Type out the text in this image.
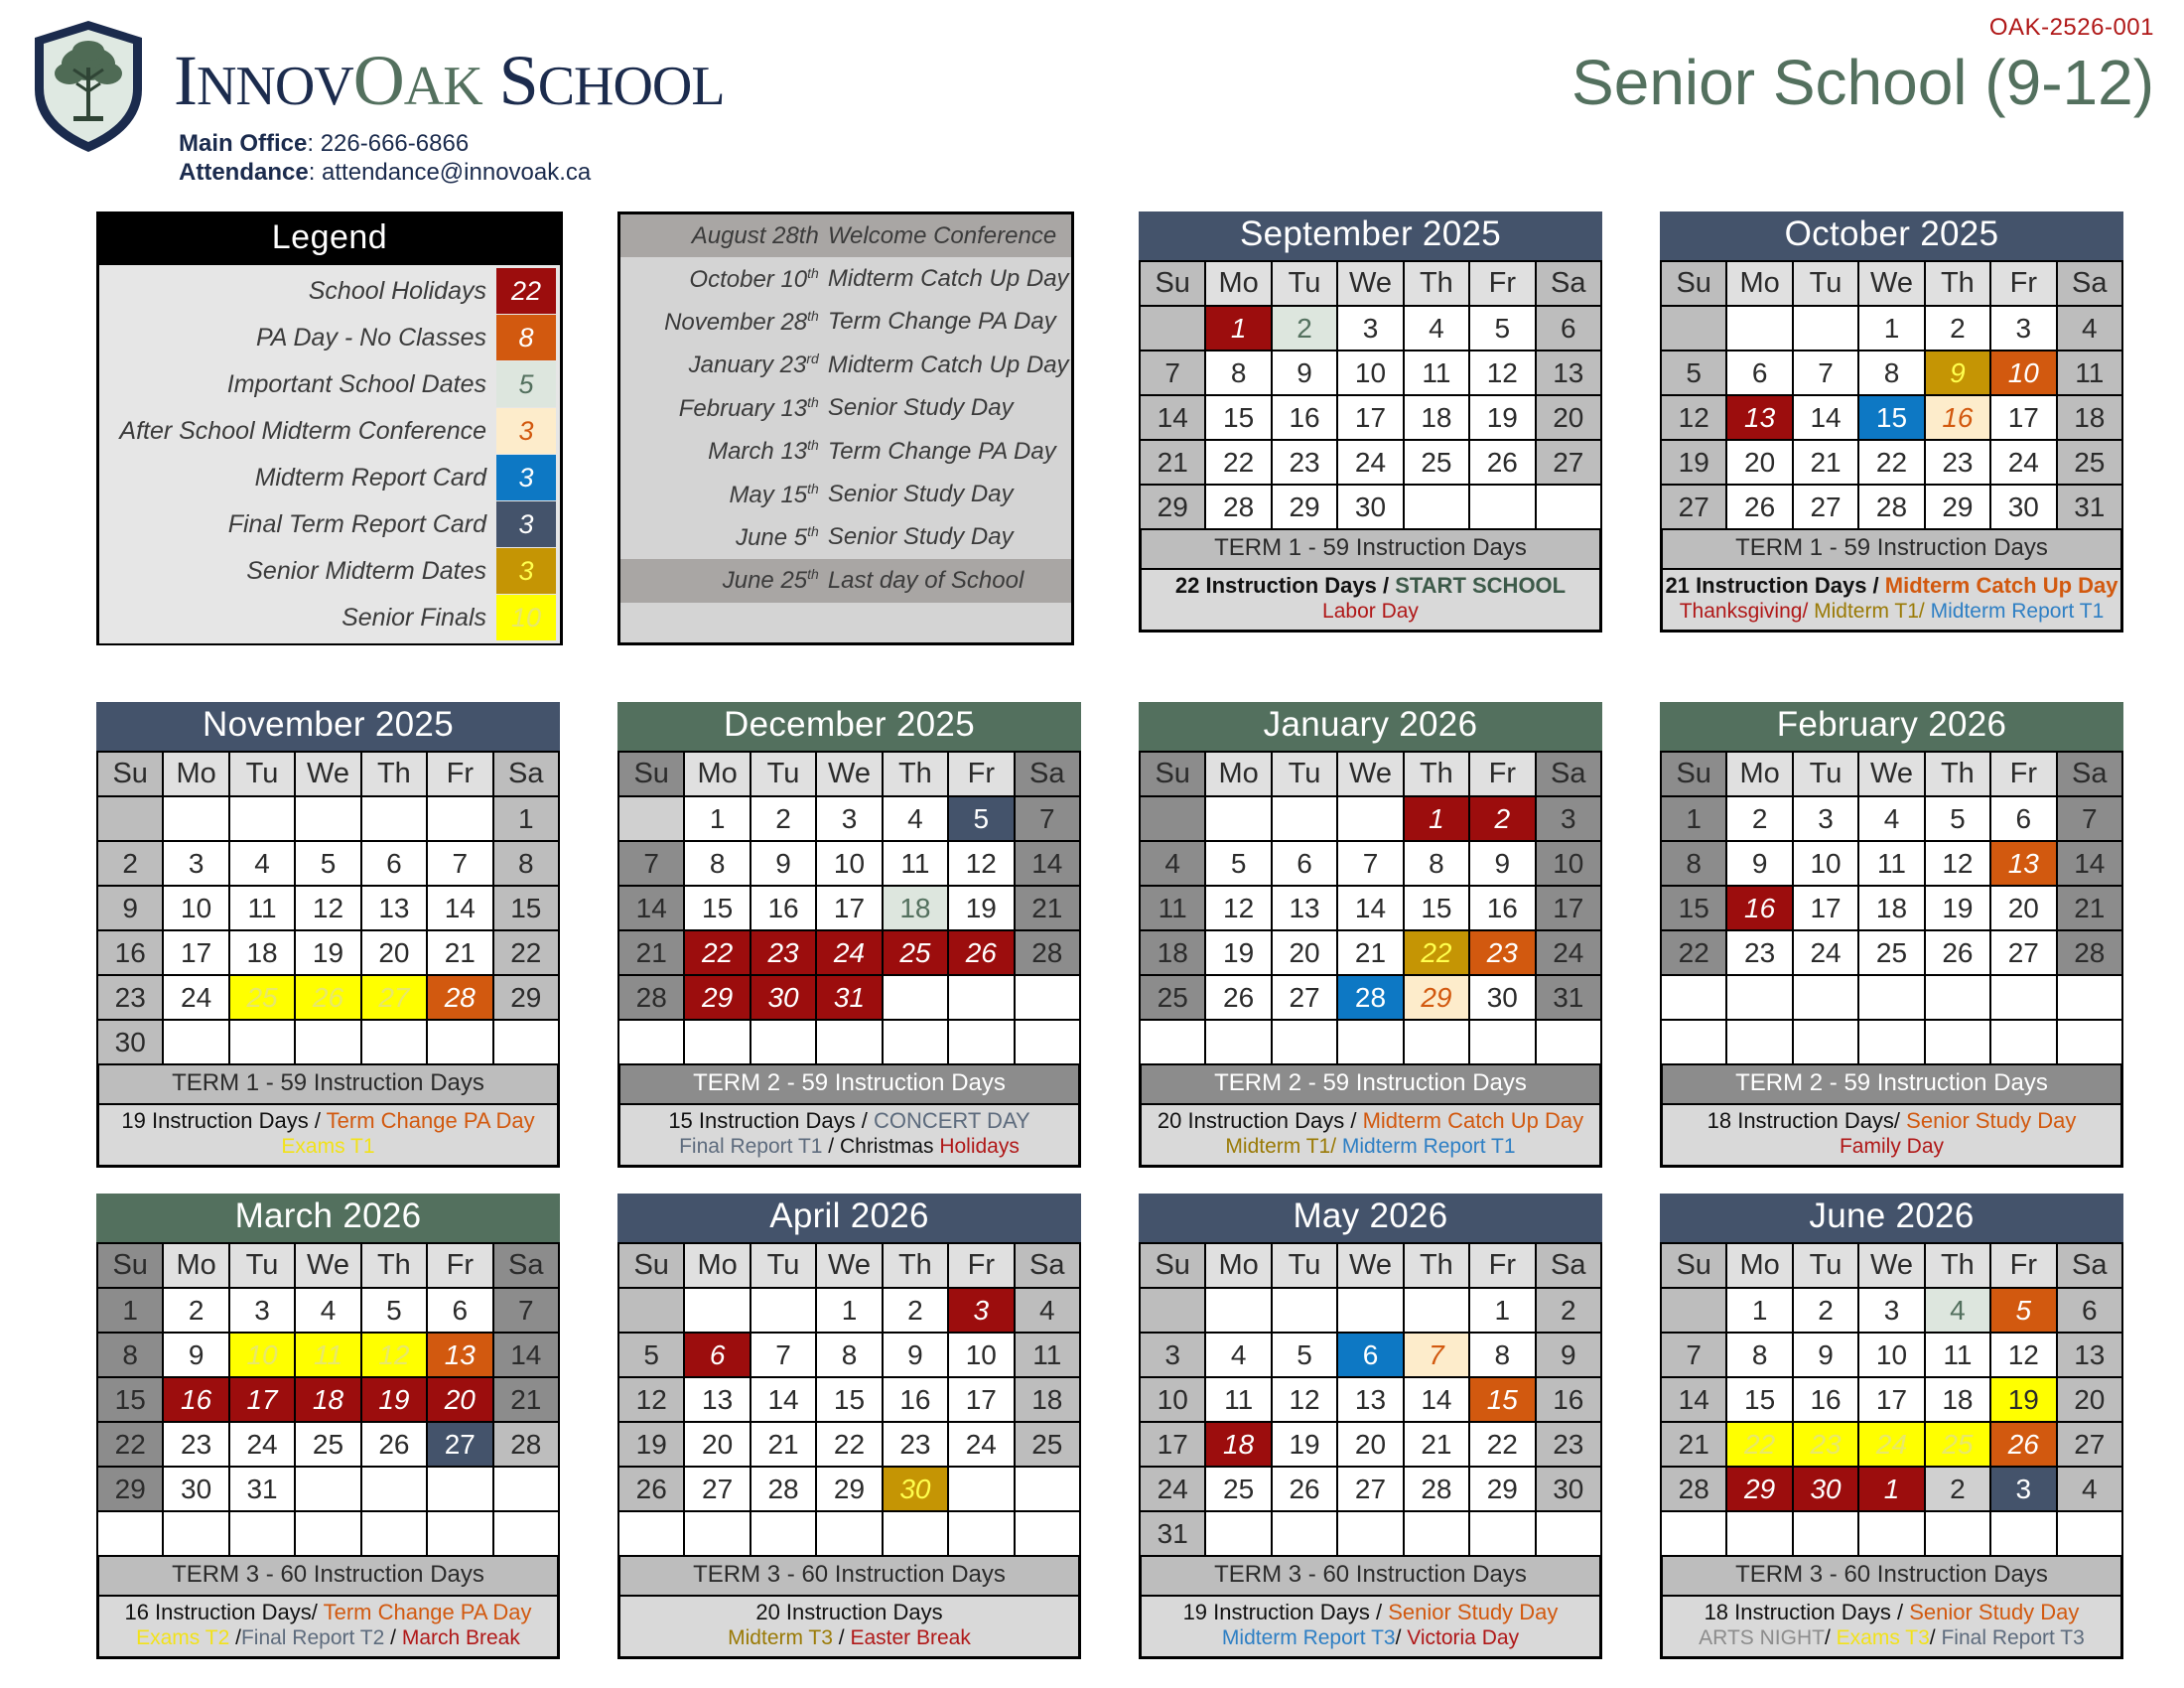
INNOVOAK SCHOOL
Main Office: 226-666-6866
Attendance: attendance@innovoak.ca
OAK-2526-001
Senior School (9-12)
Legend
School Holidays 22
PA Day - No Classes	8
Important School Dates	5
After School Midterm Conference	3
Midterm Report Card	3
Final Term Report Card	3
Senior Midterm Dates	3
Senior Finals 10
August 28th Welcome Conference
October 10th Midterm Catch Up Day
November 28th Term Change PA Day
January 23rd Midterm Catch Up Day
February 13th Senior Study Day
March 13th Term Change PA Day
May 15th Senior Study Day
June 5th Senior Study Day
June 25th Last day of School
September 2025
Su	Mo	Tu	We	Th	Fr	Sa
	1	2	3	4	5	6
7	8	9	10	11	12	13
14	15	16	17	18	19	20
21	22	23	24	25	26	27
29	28	29	30			
TERM 1 - 59 Instruction Days
22 Instruction Days / START SCHOOL
Labor Day
October 2025
Su	Mo	Tu	We	Th	Fr	Sa
			1	2	3	4
5	6	7	8	9	10	11
12	13	14	15	16	17	18
19	20	21	22	23	24	25
27	26	27	28	29	30	31
TERM 1 - 59 Instruction Days
21 Instruction Days / Midterm Catch Up Day
Thanksgiving/ Midterm T1/ Midterm Report T1
November 2025
Su	Mo	Tu	We	Th	Fr	Sa
						1
2	3	4	5	6	7	8
9	10	11	12	13	14	15
16	17	18	19	20	21	22
23	24	25	26	27	28	29
30						
TERM 1 - 59 Instruction Days
19 Instruction Days / Term Change PA Day
Exams T1
December 2025
Su	Mo	Tu	We	Th	Fr	Sa
	1	2	3	4	5	7
7	8	9	10	11	12	14
14	15	16	17	18	19	21
21	22	23	24	25	26	28
28	29	30	31			

TERM 2 - 59 Instruction Days
15 Instruction Days / CONCERT DAY
Final Report T1 / Christmas Holidays
January 2026
Su	Mo	Tu	We	Th	Fr	Sa
				1	2	3
4	5	6	7	8	9	10
11	12	13	14	15	16	17
18	19	20	21	22	23	24
25	26	27	28	29	30	31

TERM 2 - 59 Instruction Days
20 Instruction Days / Midterm Catch Up Day
Midterm T1/ Midterm Report T1
February 2026
Su	Mo	Tu	We	Th	Fr	Sa
1	2	3	4	5	6	7
8	9	10	11	12	13	14
15	16	17	18	19	20	21
22	23	24	25	26	27	28

TERM 2 - 59 Instruction Days
18 Instruction Days/ Senior Study Day
Family Day
March 2026
Su	Mo	Tu	We	Th	Fr	Sa
1	2	3	4	5	6	7
8	9	10	11	12	13	14
15	16	17	18	19	20	21
22	23	24	25	26	27	28
29	30	31				

TERM 3 - 60 Instruction Days
16 Instruction Days/ Term Change PA Day
Exams T2 /Final Report T2 / March Break
April 2026
Su	Mo	Tu	We	Th	Fr	Sa
			1	2	3	4
5	6	7	8	9	10	11
12	13	14	15	16	17	18
19	20	21	22	23	24	25
26	27	28	29	30		

TERM 3 - 60 Instruction Days
20 Instruction Days
Midterm T3 / Easter Break
May 2026
Su	Mo	Tu	We	Th	Fr	Sa
					1	2
3	4	5	6	7	8	9
10	11	12	13	14	15	16
17	18	19	20	21	22	23
24	25	26	27	28	29	30
31						
TERM 3 - 60 Instruction Days
19 Instruction Days / Senior Study Day
Midterm Report T3/ Victoria Day
June 2026
Su	Mo	Tu	We	Th	Fr	Sa
	1	2	3	4	5	6
7	8	9	10	11	12	13
14	15	16	17	18	19	20
21	22	23	24	25	26	27
28	29	30	1	2	3	4

TERM 3 - 60 Instruction Days
18 Instruction Days / Senior Study Day
ARTS NIGHT/ Exams T3/ Final Report T3
